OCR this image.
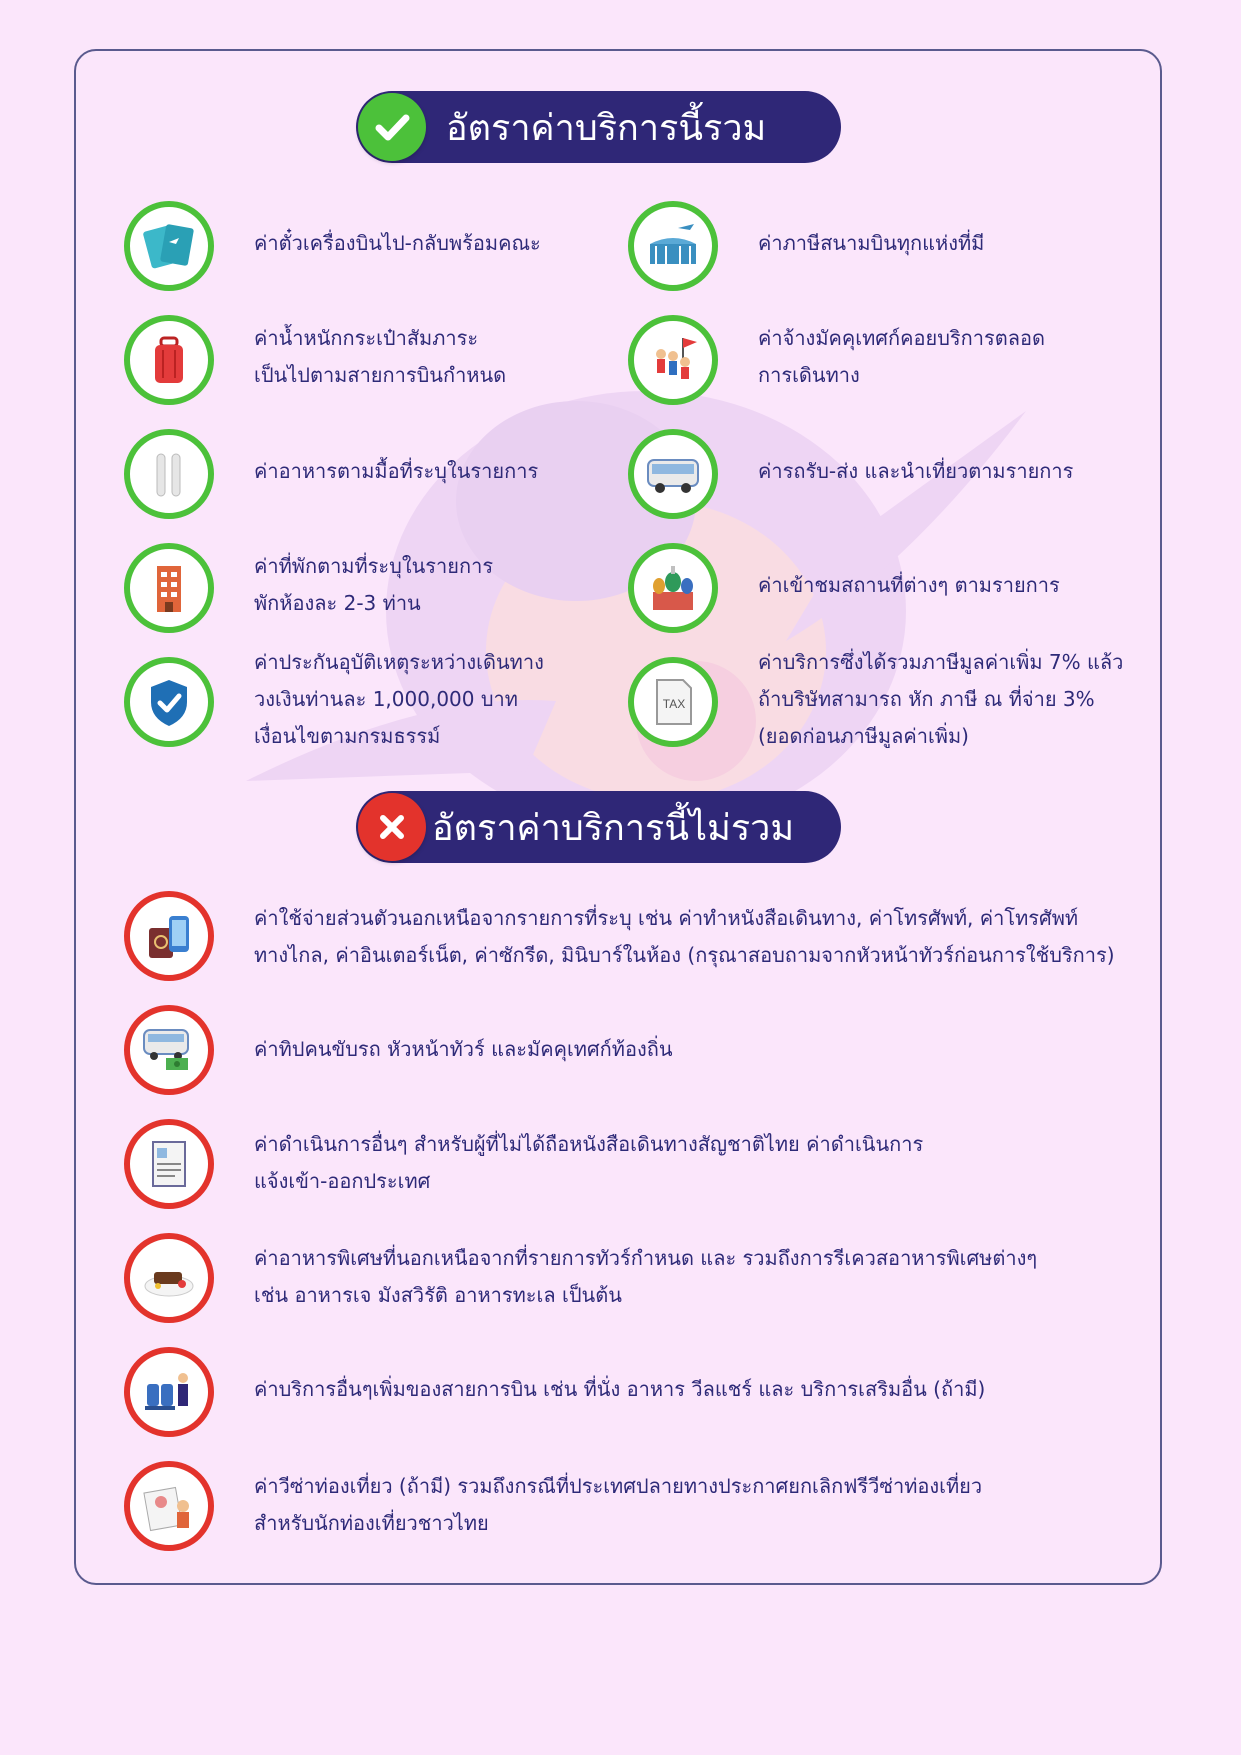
อัตราค่าบริการนี้รวม
ค่าตั๋วเครื่องบินไป-กลับพร้อมคณะ
ค่าน้ำหนักกระเป๋าสัมภาระ
เป็นไปตามสายการบินกำหนด
ค่าอาหารตามมื้อที่ระบุในรายการ
ค่าที่พักตามที่ระบุในรายการ
พักห้องละ 2-3 ท่าน
ค่าประกันอุบัติเหตุระหว่างเดินทาง
วงเงินท่านละ 1,000,000 บาท
เงื่อนไขตามกรมธรรม์
ค่าภาษีสนามบินทุกแห่งที่มี
ค่าจ้างมัคคุเทศก์คอยบริการตลอด
การเดินทาง
ค่ารถรับ-ส่ง และนำเที่ยวตามรายการ
ค่าเข้าชมสถานที่ต่างๆ ตามรายการ
TAX
ค่าบริการซึ่งได้รวมภาษีมูลค่าเพิ่ม 7% แล้ว
ถ้าบริษัทสามารถ หัก ภาษี ณ ที่จ่าย 3%
(ยอดก่อนภาษีมูลค่าเพิ่ม)
อัตราค่าบริการนี้ไม่รวม
ค่าใช้จ่ายส่วนตัวนอกเหนือจากรายการที่ระบุ เช่น ค่าทำหนังสือเดินทาง, ค่าโทรศัพท์, ค่าโทรศัพท์
ทางไกล, ค่าอินเตอร์เน็ต, ค่าซักรีด, มินิบาร์ในห้อง (กรุณาสอบถามจากหัวหน้าทัวร์ก่อนการใช้บริการ)
ค่าทิปคนขับรถ หัวหน้าทัวร์ และมัคคุเทศก์ท้องถิ่น
ค่าดำเนินการอื่นๆ สำหรับผู้ที่ไม่ได้ถือหนังสือเดินทางสัญชาติไทย ค่าดำเนินการ
แจ้งเข้า-ออกประเทศ
ค่าอาหารพิเศษที่นอกเหนือจากที่รายการทัวร์กำหนด และ รวมถึงการรีเควสอาหารพิเศษต่างๆ
เช่น อาหารเจ มังสวิรัติ อาหารทะเล เป็นต้น
ค่าบริการอื่นๆเพิ่มของสายการบิน เช่น ที่นั่ง อาหาร วีลแชร์ และ บริการเสริมอื่น (ถ้ามี)
ค่าวีซ่าท่องเที่ยว (ถ้ามี) รวมถึงกรณีที่ประเทศปลายทางประกาศยกเลิกฟรีวีซ่าท่องเที่ยว
สำหรับนักท่องเที่ยวชาวไทย
